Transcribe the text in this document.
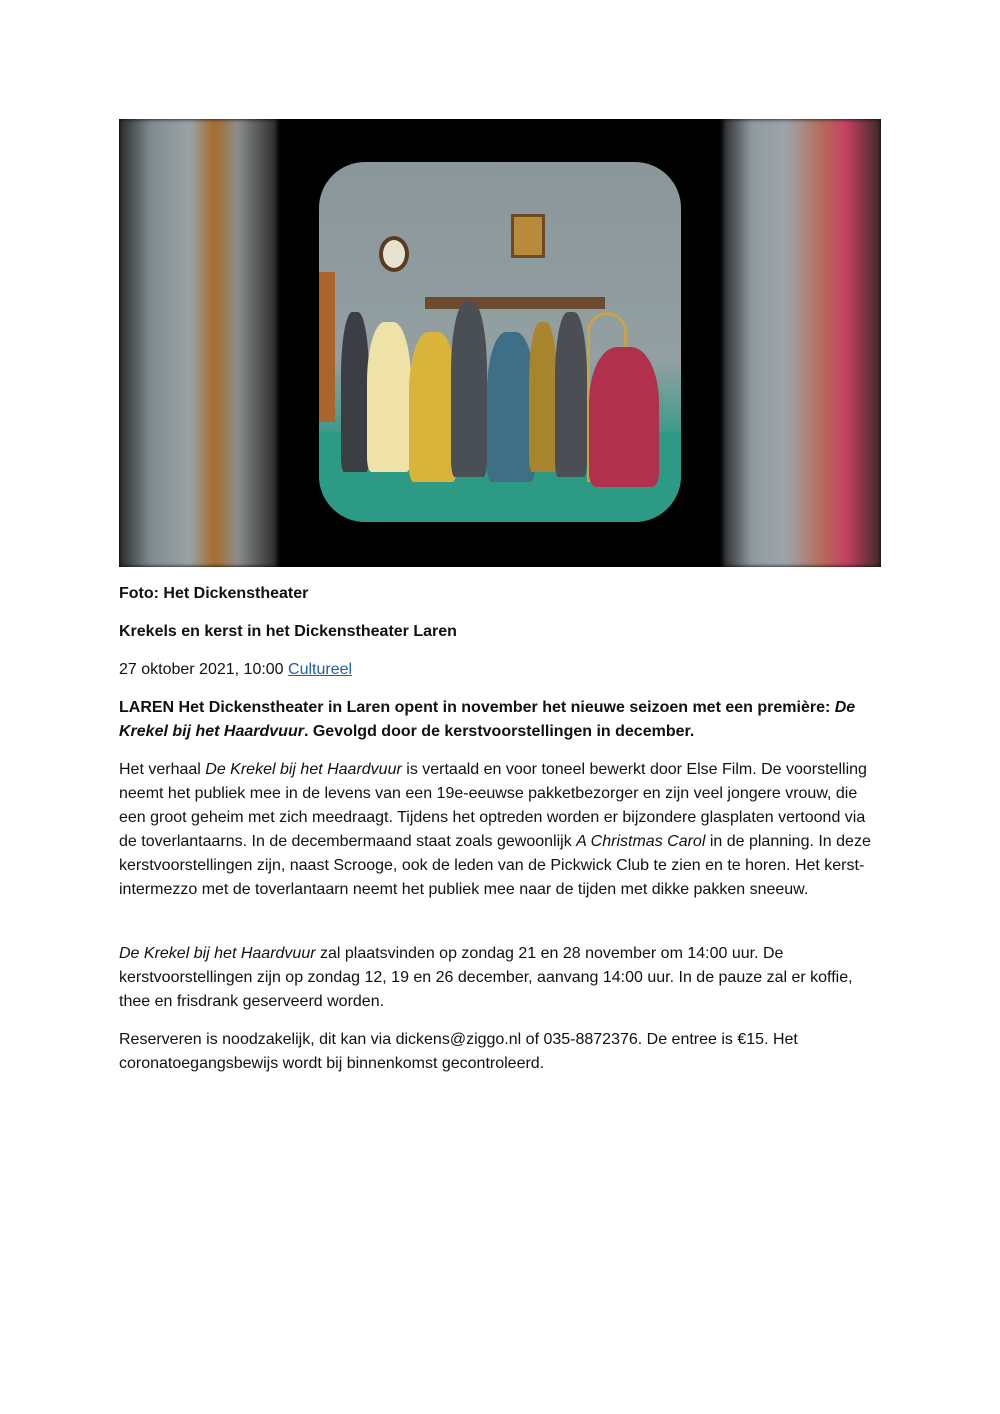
Foto: Het Dickenstheater
Krekels en kerst in het Dickenstheater Laren
27 oktober 2021, 10:00 Cultureel

LAREN Het Dickenstheater in Laren opent in november het nieuwe seizoen met een première: De Krekel bij het Haardvuur. Gevolgd door de kerstvoorstellingen in december.

Het verhaal De Krekel bij het Haardvuur is vertaald en voor toneel bewerkt door Else Film. De voorstelling neemt het publiek mee in de levens van een 19e-eeuwse pakketbezorger en zijn veel jongere vrouw, die een groot geheim met zich meedraagt. Tijdens het optreden worden er bijzondere glasplaten vertoond via de toverlantaarns. In de decembermaand staat zoals gewoonlijk A Christmas Carol in de planning. In deze kerstvoorstellingen zijn, naast Scrooge, ook de leden van de Pickwick Club te zien en te horen. Het kerst-intermezzo met de toverlantaarn neemt het publiek mee naar de tijden met dikke pakken sneeuw.

De Krekel bij het Haardvuur zal plaatsvinden op zondag 21 en 28 november om 14:00 uur. De kerstvoorstellingen zijn op zondag 12, 19 en 26 december, aanvang 14:00 uur. In de pauze zal er koffie, thee en frisdrank geserveerd worden.

Reserveren is noodzakelijk, dit kan via dickens@ziggo.nl of 035-8872376. De entree is €15. Het coronatoegangsbewijs wordt bij binnenkomst gecontroleerd.
